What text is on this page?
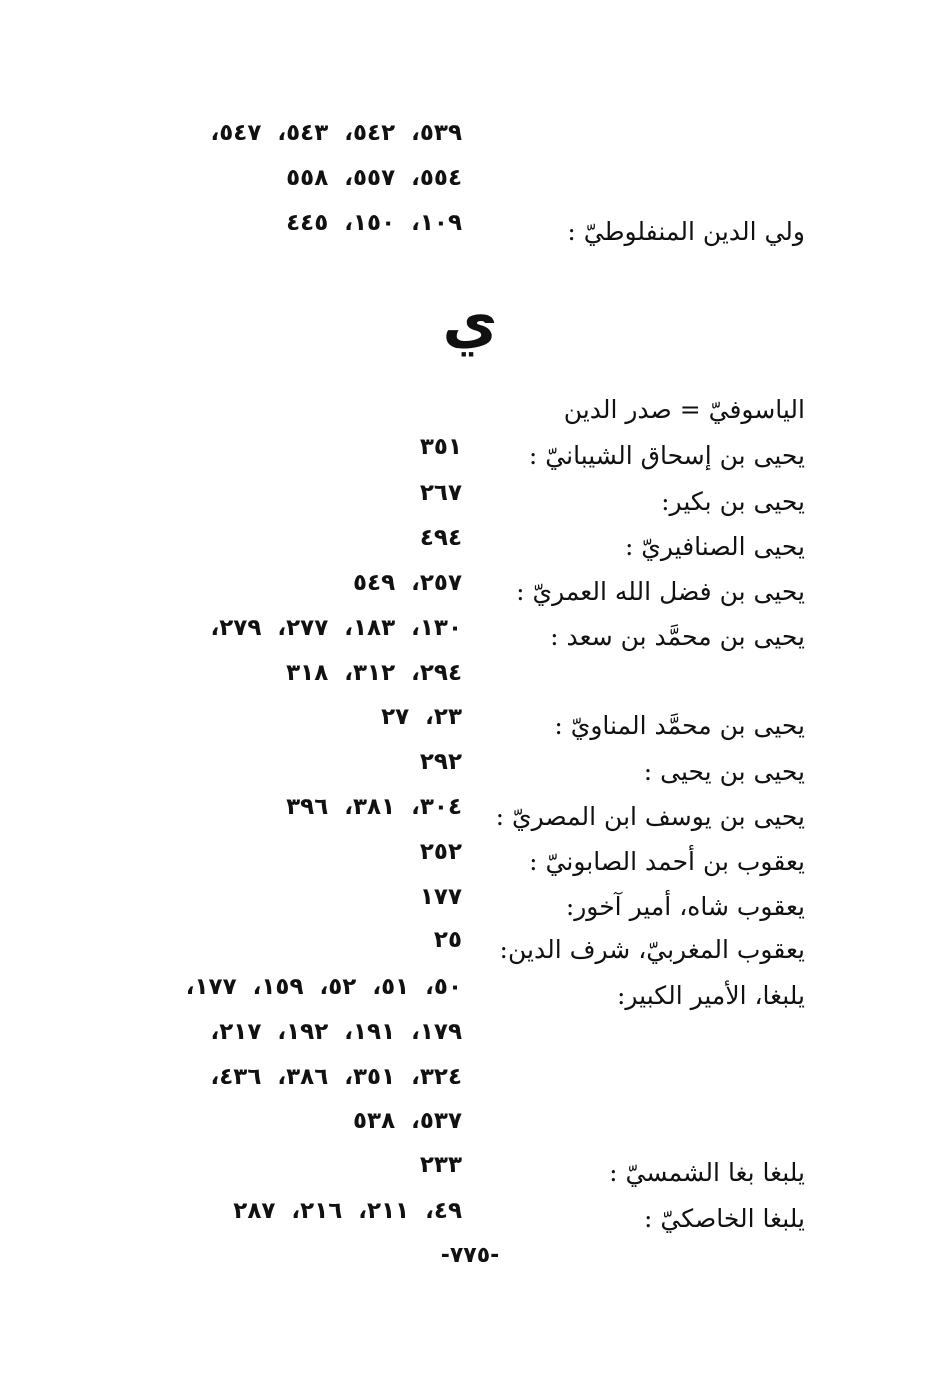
٥٣٩، ٥٤٢، ٥٤٣، ٥٤٧،
٥٥٤، ٥٥٧، ٥٥٨
ولي الدين المنفلوطيّ :
١٠٩، ١٥٠، ٤٤٥
ي
الياسوفيّ = صدر الدين
يحيى بن إسحاق الشيبانيّ :
٣٥١
يحيى بن بكير:
٢٦٧
يحيى الصنافيريّ :
٤٩٤
يحيى بن فضل الله العمريّ :
٢٥٧، ٥٤٩
يحيى بن محمَّد بن سعد :
١٣٠، ١٨٣، ٢٧٧، ٢٧٩،
٢٩٤، ٣١٢، ٣١٨
يحيى بن محمَّد المناويّ :
٢٣، ٢٧
يحيى بن يحيى :
٢٩٢
يحيى بن يوسف ابن المصريّ :
٣٠٤، ٣٨١، ٣٩٦
يعقوب بن أحمد الصابونيّ :
٢٥٢
يعقوب شاه، أمير آخور:
١٧٧
يعقوب المغربيّ، شرف الدين:
٢٥
يلبغا، الأمير الكبير:
٥٠، ٥١، ٥٢، ١٥٩، ١٧٧،
١٧٩، ١٩١، ١٩٢، ٢١٧،
٣٢٤، ٣٥١، ٣٨٦، ٤٣٦،
٥٣٧، ٥٣٨
يلبغا بغا الشمسيّ :
٢٣٣
يلبغا الخاصكيّ :
٤٩، ٢١١، ٢١٦، ٢٨٧
-٧٧٥-
